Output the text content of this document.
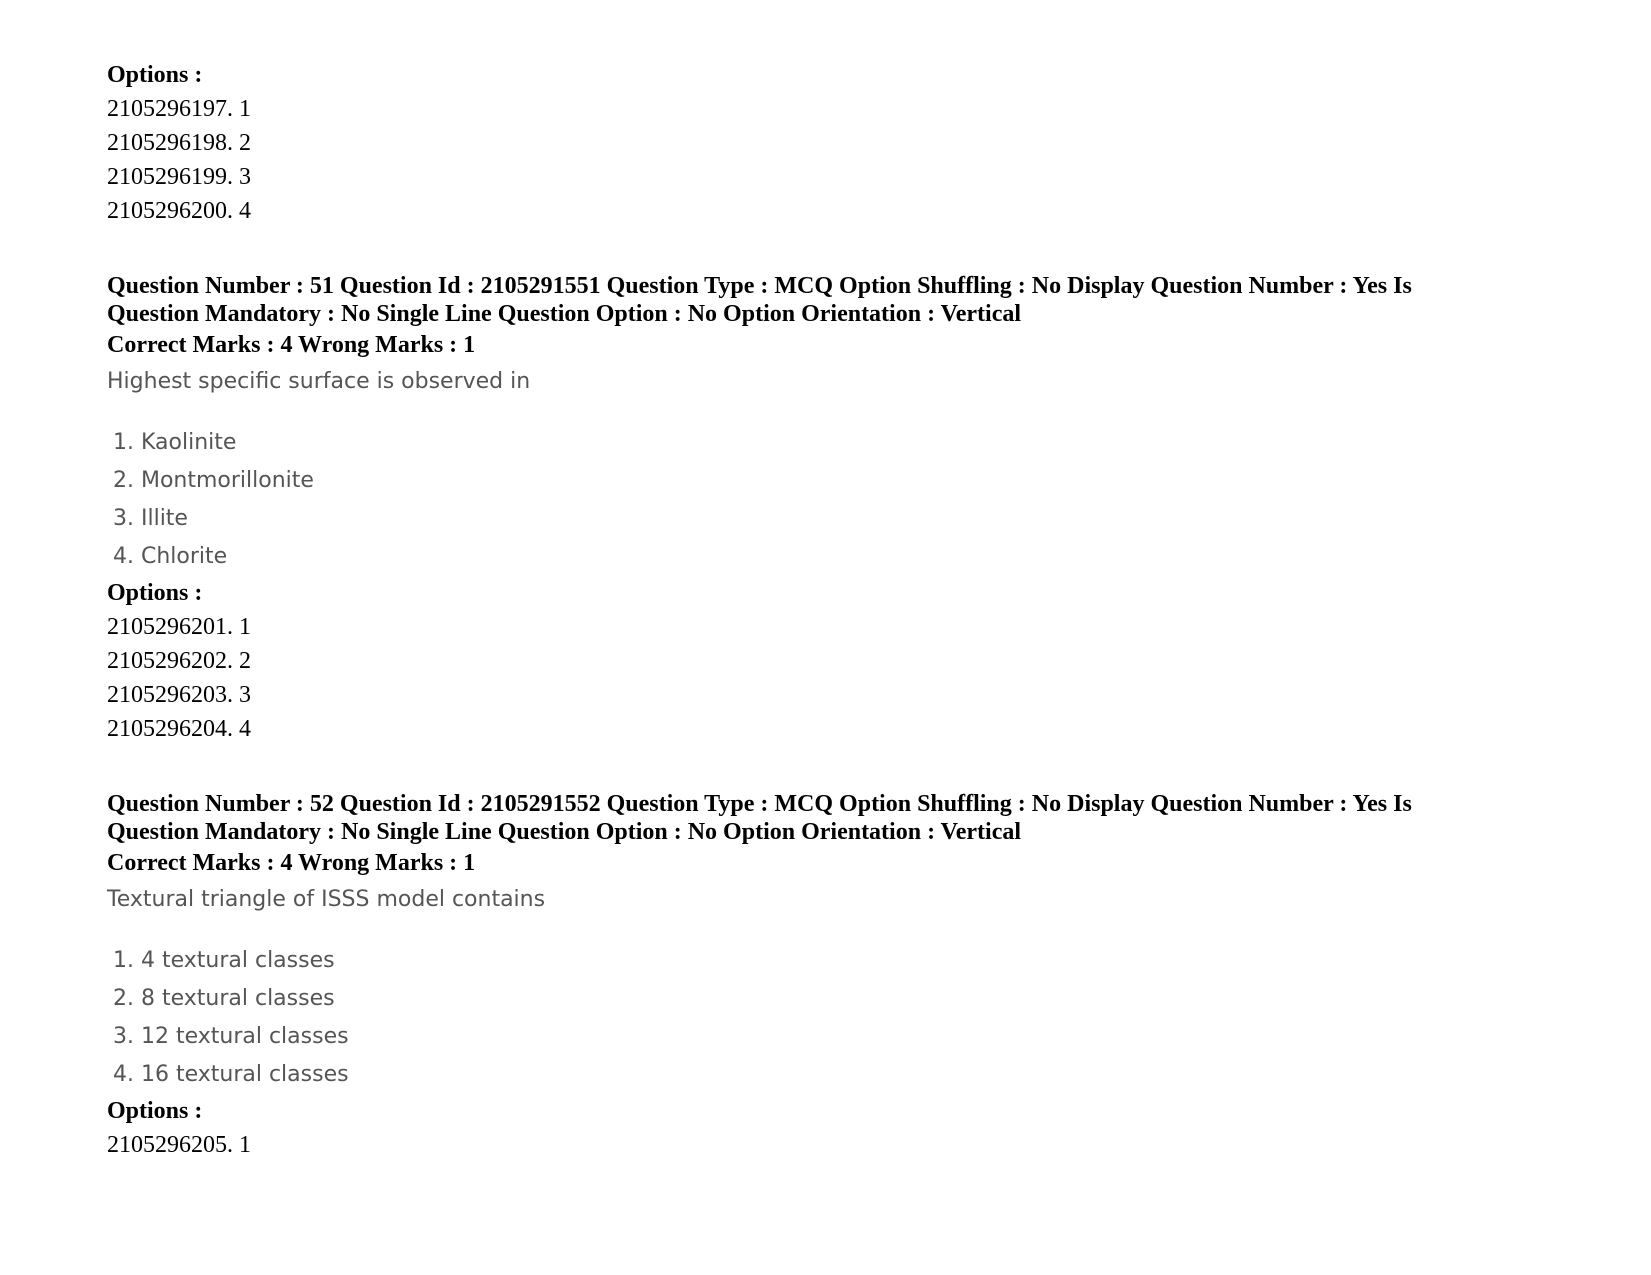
Options :

2105296197. 1

2105296198. 2

2105296199. 3

2105296200. 4

Question Number : 51 Question Id : 2105291551 Question Type : MCQ Option Shuffling : No Display Question Number : Yes Is

Question Mandatory : No Single Line Question Option : No Option Orientation : Vertical

Correct Marks : 4 Wrong Marks : 1

Highest specific surface is observed in

1. Kaolinite

2. Montmorillonite

3. Illite

4. Chlorite

Options :

2105296201. 1

2105296202. 2

2105296203. 3

2105296204. 4

Question Number : 52 Question Id : 2105291552 Question Type : MCQ Option Shuffling : No Display Question Number : Yes Is

Question Mandatory : No Single Line Question Option : No Option Orientation : Vertical

Correct Marks : 4 Wrong Marks : 1

Textural triangle of ISSS model contains

1. 4 textural classes

2. 8 textural classes

3. 12 textural classes

4. 16 textural classes

Options :

2105296205. 1
